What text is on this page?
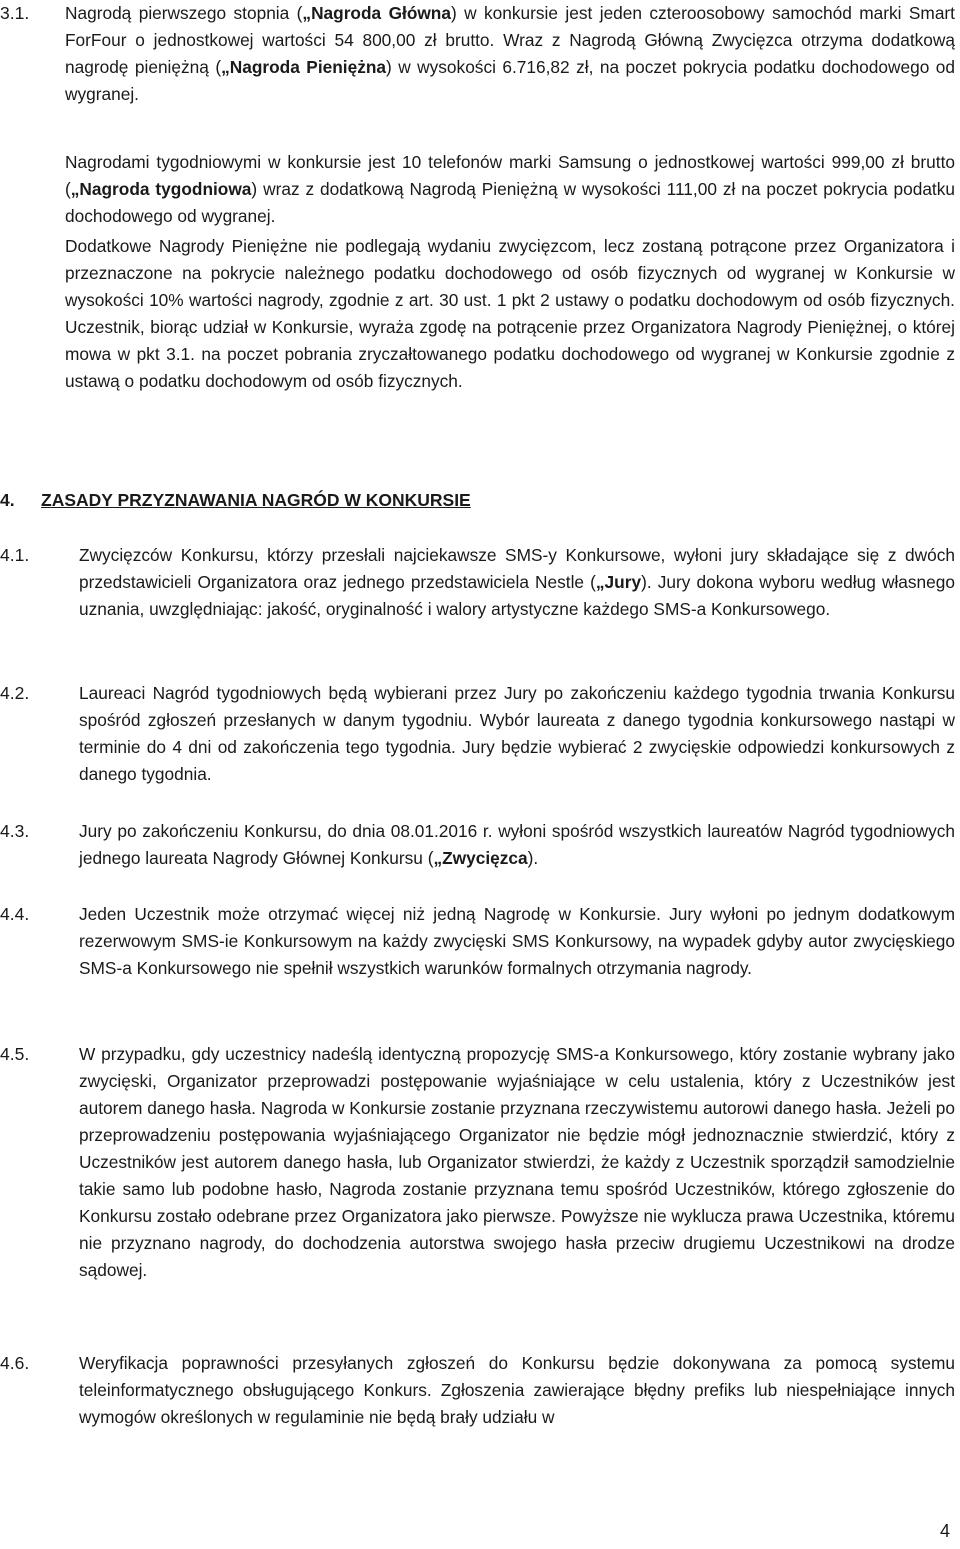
3.1. Nagrodą pierwszego stopnia („Nagroda Główna) w konkursie jest jeden czteroosobowy samochód marki Smart ForFour o jednostkowej wartości 54 800,00 zł brutto. Wraz z Nagrodą Główną Zwycięzca otrzyma dodatkową nagrodę pieniężną („Nagroda Pieniężna) w wysokości 6.716,82 zł, na poczet pokrycia podatku dochodowego od wygranej.
Nagrodami tygodniowymi w konkursie jest 10 telefonów marki Samsung o jednostkowej wartości 999,00 zł brutto („Nagroda tygodniowa) wraz z dodatkową Nagrodą Pieniężną w wysokości 111,00 zł na poczet pokrycia podatku dochodowego od wygranej.
Dodatkowe Nagrody Pieniężne nie podlegają wydaniu zwycięzcom, lecz zostaną potrącone przez Organizatora i przeznaczone na pokrycie należnego podatku dochodowego od osób fizycznych od wygranej w Konkursie w wysokości 10% wartości nagrody, zgodnie z art. 30 ust. 1 pkt 2 ustawy o podatku dochodowym od osób fizycznych. Uczestnik, biorąc udział w Konkursie, wyraża zgodę na potrącenie przez Organizatora Nagrody Pieniężnej, o której mowa w pkt 3.1. na poczet pobrania zryczałtowanego podatku dochodowego od wygranej w Konkursie zgodnie z ustawą o podatku dochodowym od osób fizycznych.
4. ZASADY PRZYZNAWANIA NAGRÓD W KONKURSIE
4.1.	Zwycięzców Konkursu, którzy przesłali najciekawsze SMS-y Konkursowe, wyłoni jury składające się z dwóch przedstawicieli Organizatora oraz jednego przedstawiciela Nestle („Jury). Jury dokona wyboru według własnego uznania, uwzględniając: jakość, oryginalność i walory artystyczne każdego SMS-a Konkursowego.
4.2.	Laureaci Nagród tygodniowych będą wybierani przez Jury po zakończeniu każdego tygodnia trwania Konkursu spośród zgłoszeń przesłanych w danym tygodniu. Wybór laureata z danego tygodnia konkursowego nastąpi w terminie do 4 dni od zakończenia tego tygodnia. Jury będzie wybierać 2 zwycięskie odpowiedzi konkursowych z danego tygodnia.
4.3.	Jury po zakończeniu Konkursu, do dnia 08.01.2016 r. wyłoni spośród wszystkich laureatów Nagród tygodniowych jednego laureata Nagrody Głównej Konkursu („Zwycięzca).
4.4.	Jeden Uczestnik może otrzymać więcej niż jedną Nagrodę w Konkursie. Jury wyłoni po jednym dodatkowym rezerwowym SMS-ie Konkursowym na każdy zwycięski SMS Konkursowy, na wypadek gdyby autor zwycięskiego SMS-a Konkursowego nie spełnił wszystkich warunków formalnych otrzymania nagrody.
4.5.	W przypadku, gdy uczestnicy nadeślą identyczną propozycję SMS-a Konkursowego, który zostanie wybrany jako zwycięski, Organizator przeprowadzi postępowanie wyjaśniające w celu ustalenia, który z Uczestników jest autorem danego hasła. Nagroda w Konkursie zostanie przyznana rzeczywistemu autorowi danego hasła. Jeżeli po przeprowadzeniu postępowania wyjaśniającego Organizator nie będzie mógł jednoznacznie stwierdzić, który z Uczestników jest autorem danego hasła, lub Organizator stwierdzi, że każdy z Uczestnik sporządził samodzielnie takie samo lub podobne hasło, Nagroda zostanie przyznana temu spośród Uczestników, którego zgłoszenie do Konkursu zostało odebrane przez Organizatora jako pierwsze. Powyższe nie wyklucza prawa Uczestnika, któremu nie przyznano nagrody, do dochodzenia autorstwa swojego hasła przeciw drugiemu Uczestnikowi na drodze sądowej.
4.6.	Weryfikacja poprawności przesyłanych zgłoszeń do Konkursu będzie dokonywana za pomocą systemu teleinformatycznego obsługującego Konkurs. Zgłoszenia zawierające błędny prefiks lub niespełniające innych wymogów określonych w regulaminie nie będą brały udziału w
4
